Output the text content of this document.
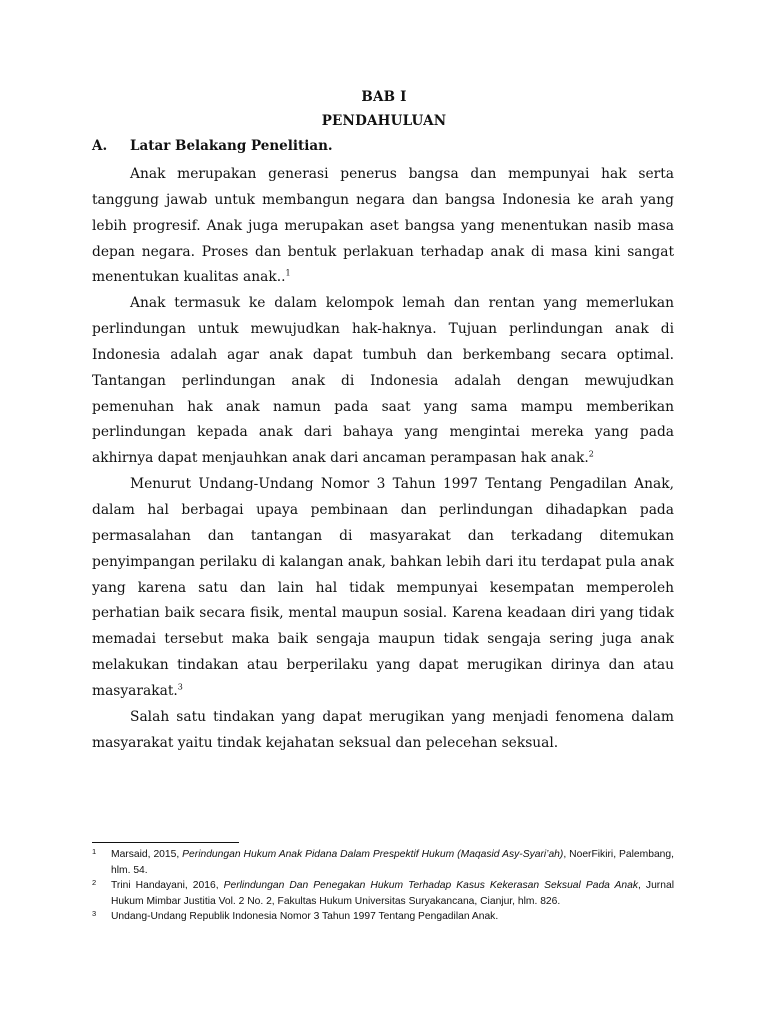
BAB I
PENDAHULUAN
A. Latar Belakang Penelitian.

Anak merupakan generasi penerus bangsa dan mempunyai hak serta tanggung jawab untuk membangun negara dan bangsa Indonesia ke arah yang lebih progresif. Anak juga merupakan aset bangsa yang menentukan nasib masa depan negara. Proses dan bentuk perlakuan terhadap anak di masa kini sangat menentukan kualitas anak..$^1$

Anak termasuk ke dalam kelompok lemah dan rentan yang memerlukan perlindungan untuk mewujudkan hak-haknya. Tujuan perlindungan anak di Indonesia adalah agar anak dapat tumbuh dan berkembang secara optimal. Tantangan perlindungan anak di Indonesia adalah dengan mewujudkan pemenuhan hak anak namun pada saat yang sama mampu memberikan perlindungan kepada anak dari bahaya yang mengintai mereka yang pada akhirnya dapat menjauhkan anak dari ancaman perampasan hak anak.$^2$

Menurut Undang-Undang Nomor 3 Tahun 1997 Tentang Pengadilan Anak, dalam hal berbagai upaya pembinaan dan perlindungan dihadapkan pada permasalahan dan tantangan di masyarakat dan terkadang ditemukan penyimpangan perilaku di kalangan anak, bahkan lebih dari itu terdapat pula anak yang karena satu dan lain hal tidak mempunyai kesempatan memperoleh perhatian baik secara fisik, mental maupun sosial. Karena keadaan diri yang tidak memadai tersebut maka baik sengaja maupun tidak sengaja sering juga anak melakukan tindakan atau berperilaku yang dapat merugikan dirinya dan atau masyarakat.$^3$

Salah satu tindakan yang dapat merugikan yang menjadi fenomena dalam masyarakat yaitu tindak kejahatan seksual dan pelecehan seksual.

1 Marsaid, 2015, Perindungan Hukum Anak Pidana Dalam Prespektif Hukum (Maqasid Asy-Syari’ah), NoerFikiri, Palembang, hlm. 54.
2 Trini Handayani, 2016, Perlindungan Dan Penegakan Hukum Terhadap Kasus Kekerasan Seksual Pada Anak, Jurnal Hukum Mimbar Justitia Vol. 2 No. 2, Fakultas Hukum Universitas Suryakancana, Cianjur, hlm. 826.
3 Undang-Undang Republik Indonesia Nomor 3 Tahun 1997 Tentang Pengadilan Anak.
